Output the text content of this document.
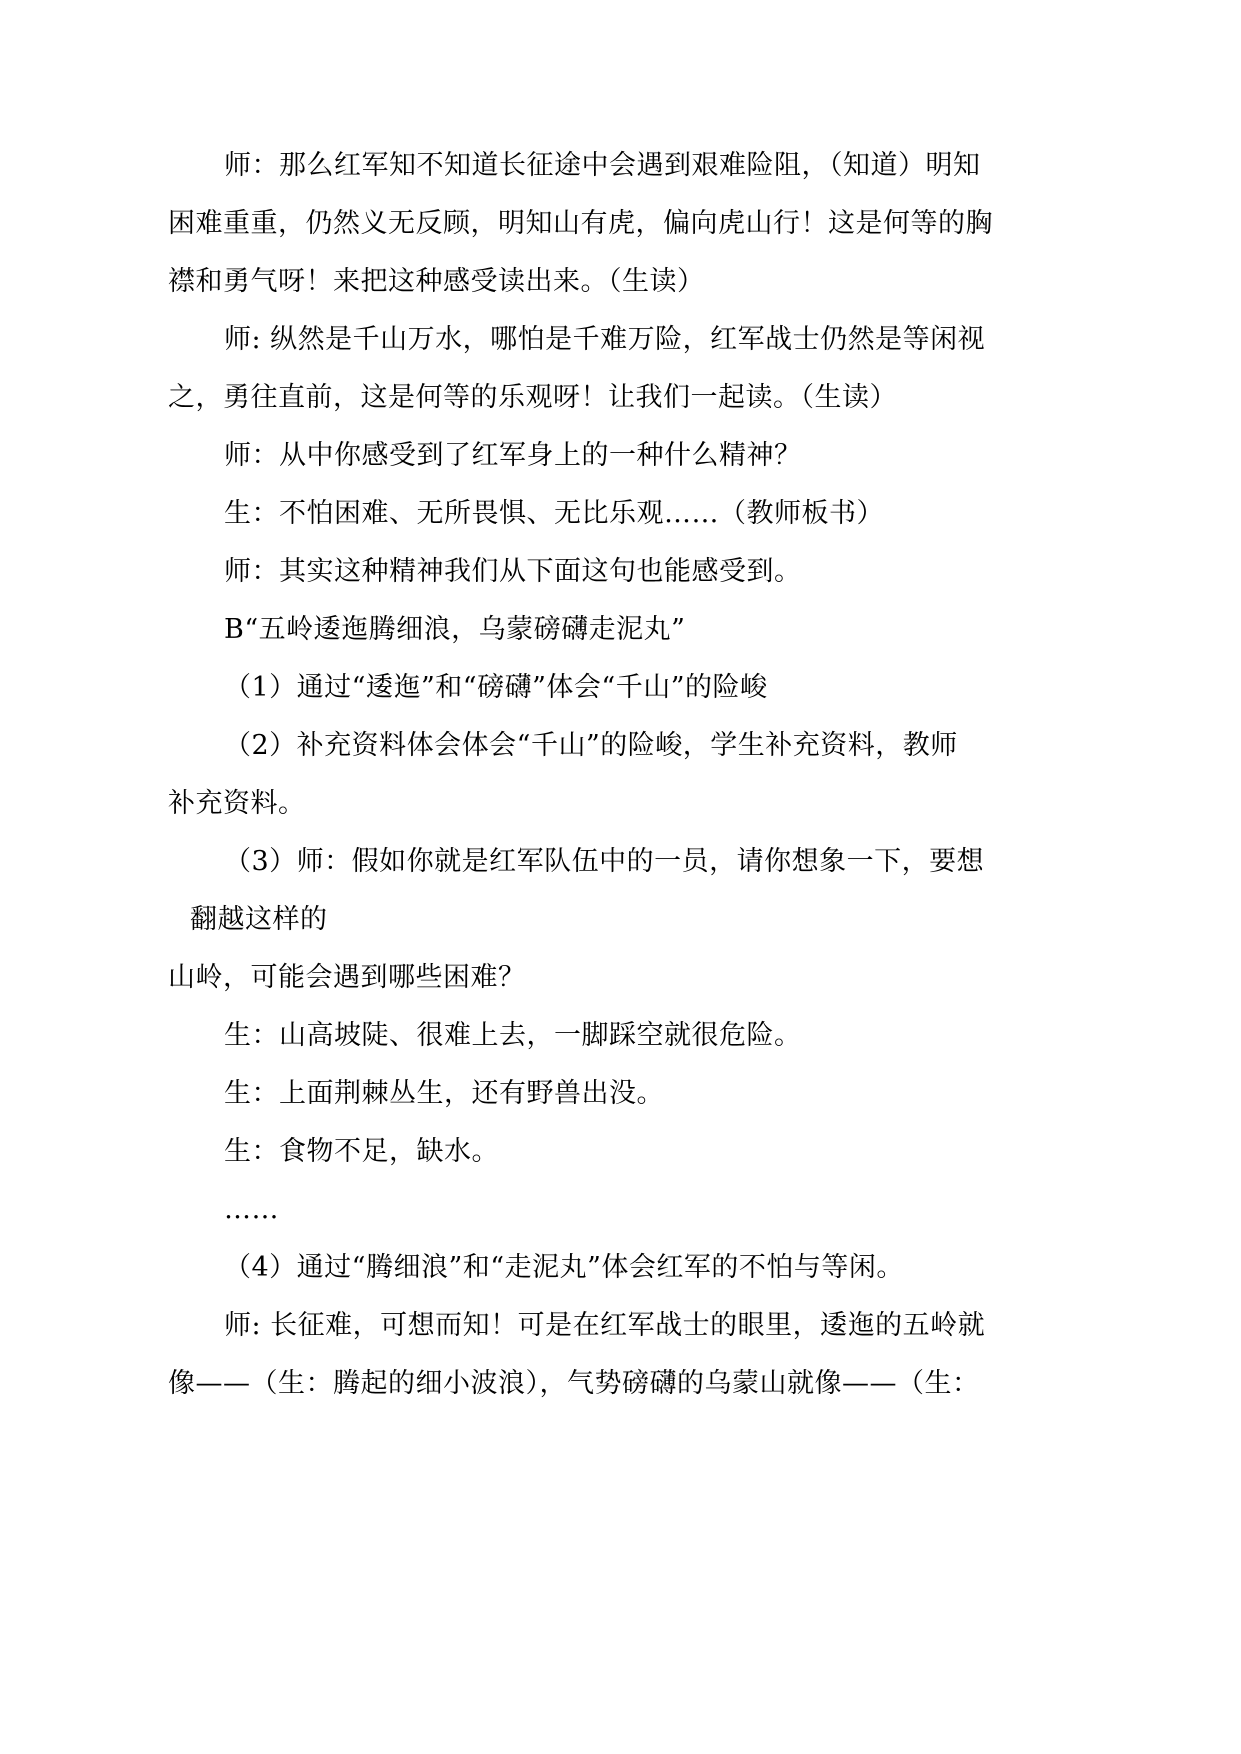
师：那么红军知不知道长征途中会遇到艰难险阻，（知道）明知
困难重重，仍然义无反顾，明知山有虎，偏向虎山行！这是何等的胸
襟和勇气呀！来把这种感受读出来。（生读）
师: 纵然是千山万水，哪怕是千难万险，红军战士仍然是等闲视
之，勇往直前，这是何等的乐观呀！让我们一起读。（生读）
师：从中你感受到了红军身上的一种什么精神？
生：不怕困难、无所畏惧、无比乐观……（教师板书）
师：其实这种精神我们从下面这句也能感受到。
B“五岭逶迤腾细浪，乌蒙磅礴走泥丸”
（1）通过“逶迤”和“磅礴”体会“千山”的险峻
（2）补充资料体会体会“千山”的险峻，学生补充资料，教师
补充资料。
（3）师：假如你就是红军队伍中的一员，请你想象一下，要想
翻越这样的
山岭，可能会遇到哪些困难？
生：山高坡陡、很难上去，一脚踩空就很危险。
生：上面荆棘丛生，还有野兽出没。
生：食物不足，缺水。
……
（4）通过“腾细浪”和“走泥丸”体会红军的不怕与等闲。
师: 长征难，可想而知！可是在红军战士的眼里，逶迤的五岭就
像——（生：腾起的细小波浪），气势磅礴的乌蒙山就像——（生：
